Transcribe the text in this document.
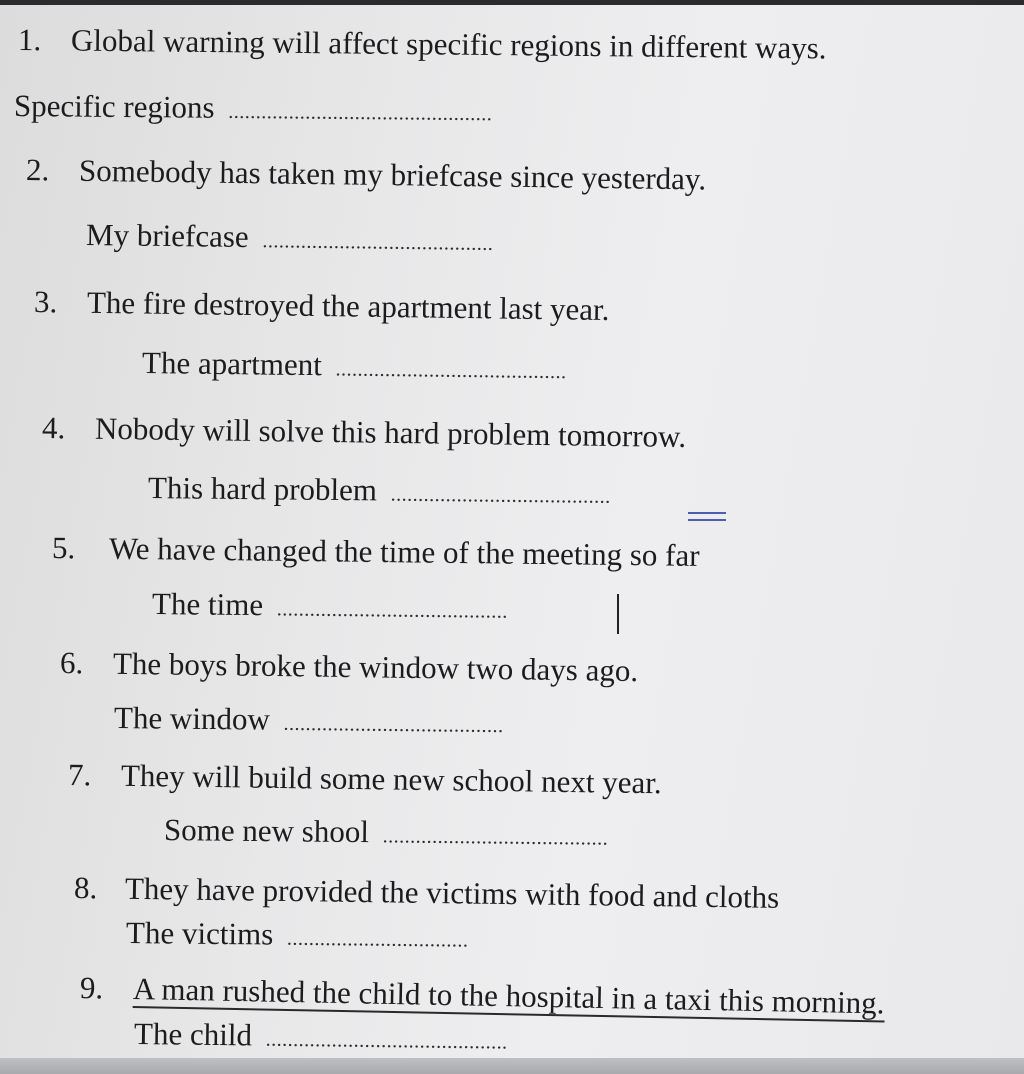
1. Global warning will affect specific regions in different ways.
Specific regions ................................................
2. Somebody has taken my briefcase since yesterday.
My briefcase ..........................................
3. The fire destroyed the apartment last year.
The apartment ..........................................
4. Nobody will solve this hard problem tomorrow.
This hard problem ........................................
5. We have changed the time of the meeting so far
The time ..........................................
6. The boys broke the window two days ago.
The window ........................................
7. They will build some new school next year.
Some new shool .........................................
8. They have provided the victims with food and cloths
The victims .................................
9. A man rushed the child to the hospital in a taxi this morning.
The child ............................................
